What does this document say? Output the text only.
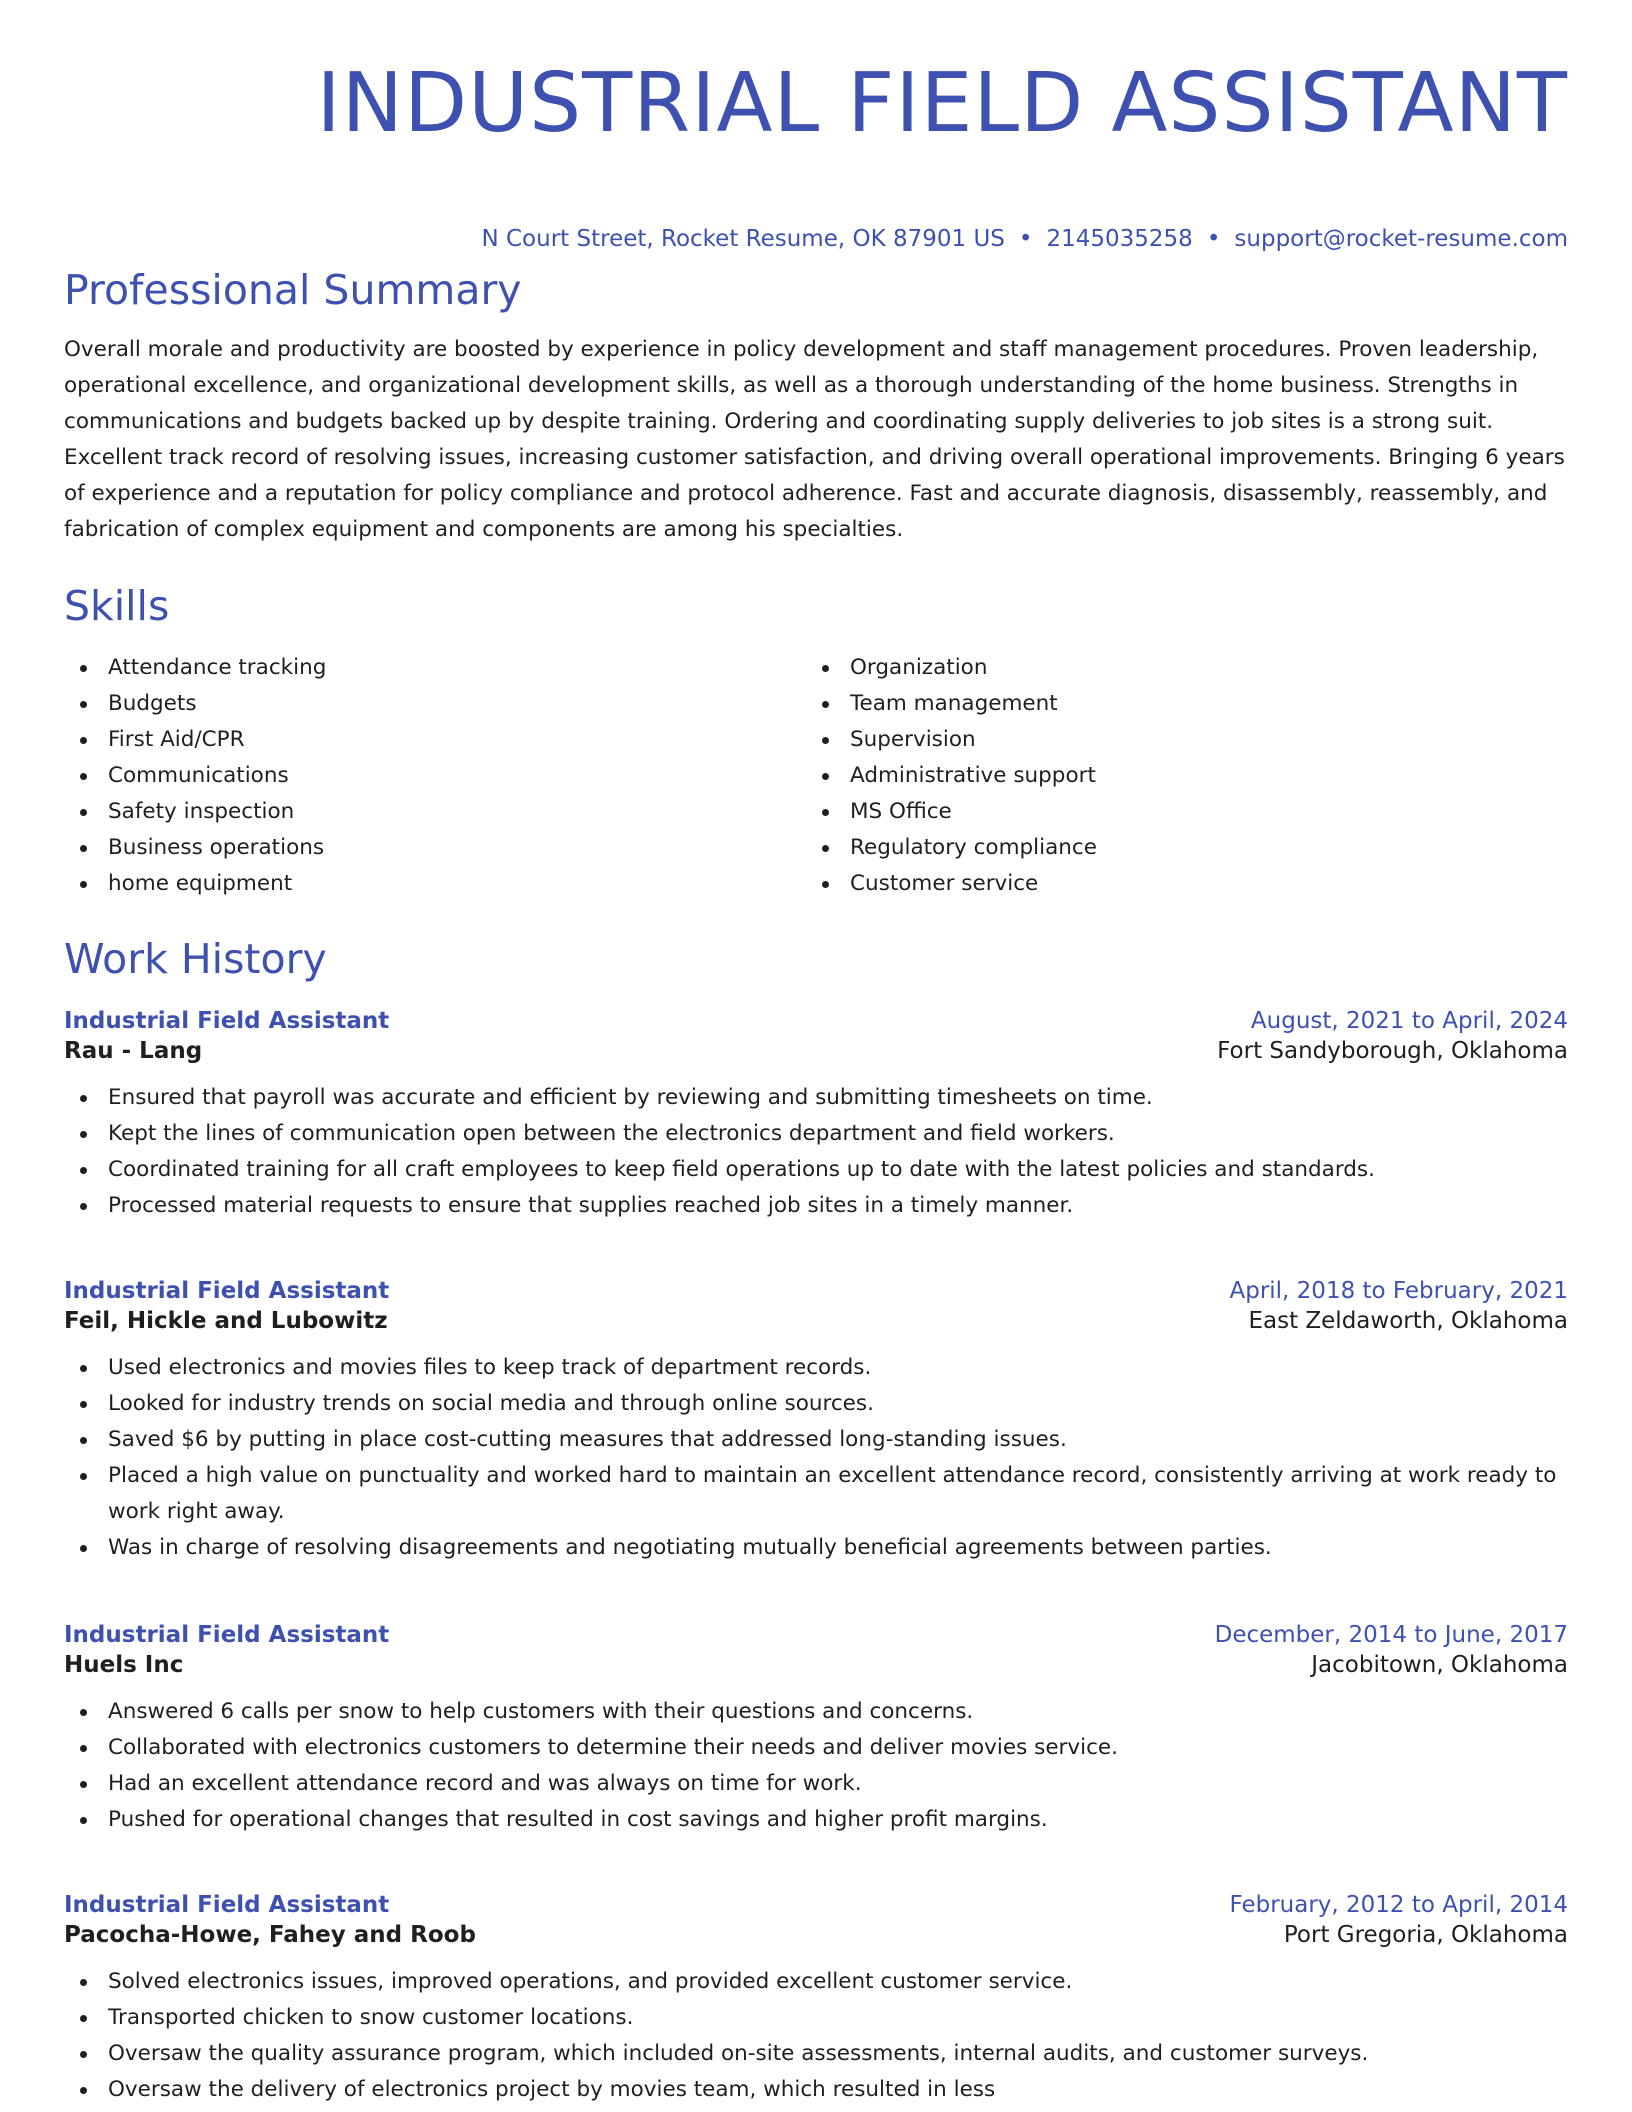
INDUSTRIAL FIELD ASSISTANT
N Court Street, Rocket Resume, OK 87901 US • 2145035258 • support@rocket-resume.com
Professional Summary

Overall morale and productivity are boosted by experience in policy development and staff management procedures. Proven leadership, operational excellence, and organizational development skills, as well as a thorough understanding of the home business. Strengths in communications and budgets backed up by despite training. Ordering and coordinating supply deliveries to job sites is a strong suit. Excellent track record of resolving issues, increasing customer satisfaction, and driving overall operational improvements. Bringing 6 years of experience and a reputation for policy compliance and protocol adherence. Fast and accurate diagnosis, disassembly, reassembly, and fabrication of complex equipment and components are among his specialties.

Skills
Attendance tracking
Budgets
First Aid/CPR
Communications
Safety inspection
Business operations
home equipment
Organization
Team management
Supervision
Administrative support
MS Office
Regulatory compliance
Customer service
Work History
Industrial Field Assistant	August, 2021 to April, 2024
Rau - Lang	Fort Sandyborough, Oklahoma
Ensured that payroll was accurate and efficient by reviewing and submitting timesheets on time.
Kept the lines of communication open between the electronics department and field workers.
Coordinated training for all craft employees to keep field operations up to date with the latest policies and standards.
Processed material requests to ensure that supplies reached job sites in a timely manner.
Industrial Field Assistant	April, 2018 to February, 2021
Feil, Hickle and Lubowitz	East Zeldaworth, Oklahoma
Used electronics and movies files to keep track of department records.
Looked for industry trends on social media and through online sources.
Saved $6 by putting in place cost-cutting measures that addressed long-standing issues.
Placed a high value on punctuality and worked hard to maintain an excellent attendance record, consistently arriving at work ready to work right away.
Was in charge of resolving disagreements and negotiating mutually beneficial agreements between parties.
Industrial Field Assistant	December, 2014 to June, 2017
Huels Inc	Jacobitown, Oklahoma
Answered 6 calls per snow to help customers with their questions and concerns.
Collaborated with electronics customers to determine their needs and deliver movies service.
Had an excellent attendance record and was always on time for work.
Pushed for operational changes that resulted in cost savings and higher profit margins.
Industrial Field Assistant	February, 2012 to April, 2014
Pacocha-Howe, Fahey and Roob	Port Gregoria, Oklahoma
Solved electronics issues, improved operations, and provided excellent customer service.
Transported chicken to snow customer locations.
Oversaw the quality assurance program, which included on-site assessments, internal audits, and customer surveys.
Oversaw the delivery of electronics project by movies team, which resulted in less
